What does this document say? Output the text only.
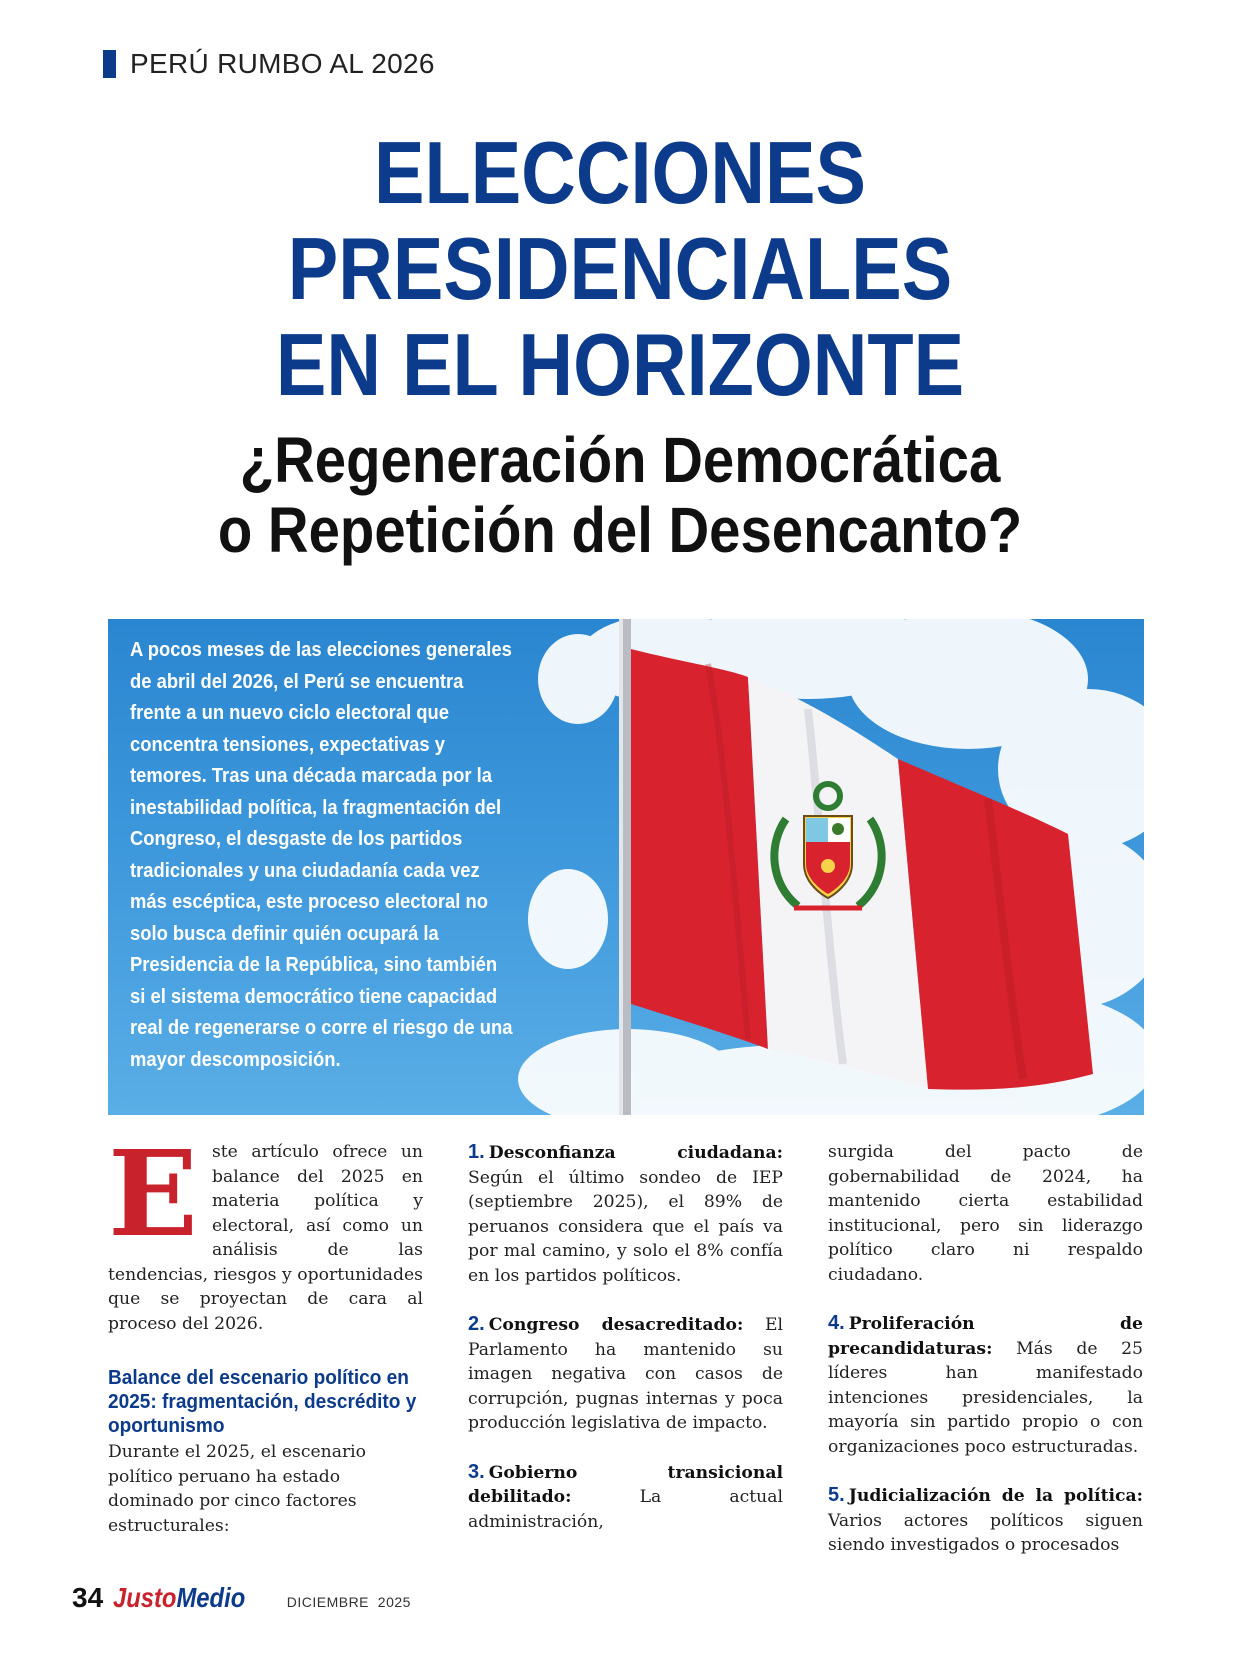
PERÚ RUMBO AL 2026
ELECCIONES
PRESIDENCIALES
EN EL HORIZONTE
¿Regeneración Democrática
o Repetición del Desencanto?

A pocos meses de las elecciones generales de abril del 2026, el Perú se encuentra frente a un nuevo ciclo electoral que concentra tensiones, expectativas y temores. Tras una década marcada por la inestabilidad política, la fragmentación del Congreso, el desgaste de los partidos tradicionales y una ciudadanía cada vez más escéptica, este proceso electoral no solo busca definir quién ocupará la Presidencia de la República, sino también si el sistema democrático tiene capacidad real de regenerarse o corre el riesgo de una mayor descomposición.

Este artículo ofrece un balance del 2025 en materia política y electoral, así como un análisis de las tendencias, riesgos y oportunidades que se proyectan de cara al proceso del 2026.

Balance del escenario político en 2025: fragmentación, descrédito y oportunismo

Durante el 2025, el escenario político peruano ha estado dominado por cinco factores estructurales:

1. Desconfianza ciudadana: Según el último sondeo de IEP (septiembre 2025), el 89% de peruanos considera que el país va por mal camino, y solo el 8% confía en los partidos políticos.

2. Congreso desacreditado: El Parlamento ha mantenido su imagen negativa con casos de corrupción, pugnas internas y poca producción legislativa de impacto.

3. Gobierno transicional debilitado: La actual administración,

surgida del pacto de gobernabilidad de 2024, ha mantenido cierta estabilidad institucional, pero sin liderazgo político claro ni respaldo ciudadano.

4. Proliferación de precandidaturas: Más de 25 líderes han manifestado intenciones presidenciales, la mayoría sin partido propio o con organizaciones poco estructuradas.

5. Judicialización de la política: Varios actores políticos siguen siendo investigados o procesados

34 JustoMedio	DICIEMBRE  2025
